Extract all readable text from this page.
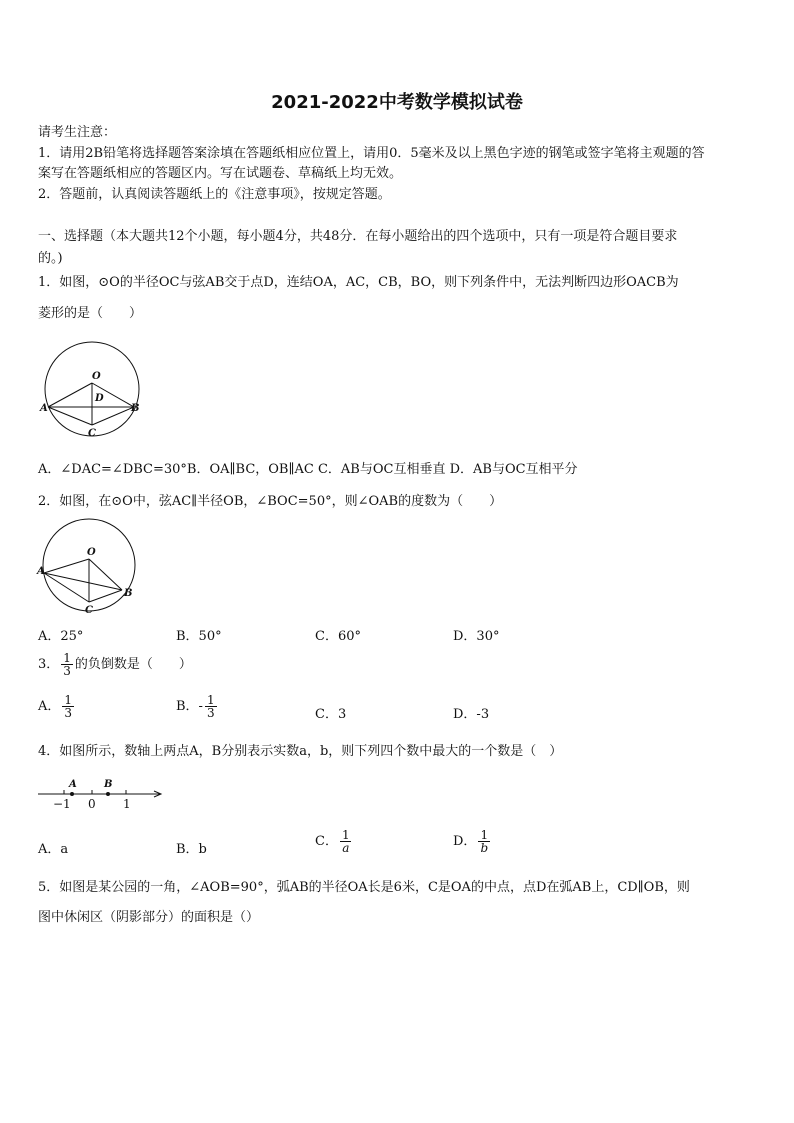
2021-2022中考数学模拟试卷
请考生注意：
1．请用2B铅笔将选择题答案涂填在答题纸相应位置上，请用0．5毫米及以上黑色字迹的钢笔或签字笔将主观题的答
案写在答题纸相应的答题区内。写在试题卷、草稿纸上均无效。
2．答题前，认真阅读答题纸上的《注意事项》，按规定答题。
一、选择题（本大题共12个小题，每小题4分，共48分．在每小题给出的四个选项中，只有一项是符合题目要求
的。)
1．如图，⊙O的半径OC与弦AB交于点D，连结OA，AC，CB，BO，则下列条件中，无法判断四边形OACB为
菱形的是（　　）
O
D
A	B
C
A．∠DAC=∠DBC=30°B．OA∥BC，OB∥AC C．AB与OC互相垂直 D．AB与OC互相平分
2．如图，在⊙O中，弦AC∥半径OB，∠BOC=50°，则∠OAB的度数为（　　）
O
A
B
C
A．25°	B．50°	C．60°	D．30°
3． $\frac{1}{3}$ 的负倒数是（　　）
A． $\frac{1}{3}$	B．- $\frac{1}{3}$	C．3	D．-3
4．如图所示，数轴上两点A，B分别表示实数a，b，则下列四个数中最大的一个数是（　）
A	B
−1 0 1
A．a	B．b
C． $\frac{1}{a}$	D． $\frac{1}{b}$
5．如图是某公园的一角，∠AOB=90°，弧AB的半径OA长是6米，C是OA的中点，点D在弧AB上，CD∥OB，则
图中休闲区（阴影部分）的面积是（）
